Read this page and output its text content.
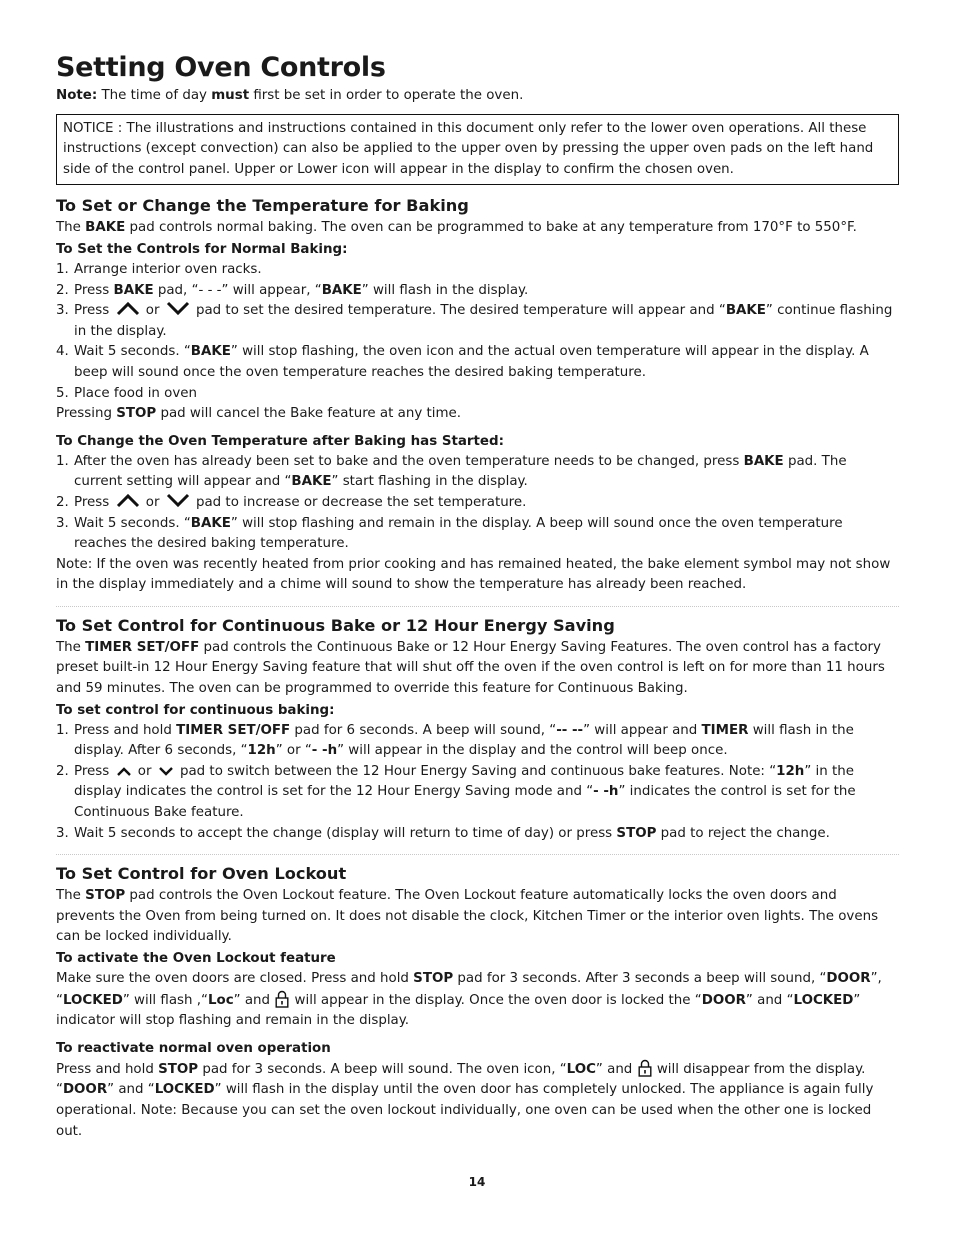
Setting Oven Controls

Note: The time of day must first be set in order to operate the oven.

NOTICE : The illustrations and instructions contained in this document only refer to the lower oven operations. All these instructions (except convection) can also be applied to the upper oven by pressing the upper oven pads on the left hand side of the control panel. Upper or Lower icon will appear in the display to confirm the chosen oven.
To Set or Change the Temperature for Baking

The BAKE pad controls normal baking. The oven can be programmed to bake at any temperature from 170°F to 550°F.

To Set the Controls for Normal Baking:
1. Arrange interior oven racks.
2. Press BAKE pad, “- - -” will appear, “BAKE” will flash in the display.
3. Press  or  pad to set the desired temperature. The desired temperature will appear and “BAKE” continue flashing in the display.
4. Wait 5 seconds. “BAKE” will stop flashing, the oven icon and the actual oven temperature will appear in the display. A beep will sound once the oven temperature reaches the desired baking temperature.
5. Place food in oven

Pressing STOP pad will cancel the Bake feature at any time.

To Change the Oven Temperature after Baking has Started:
1. After the oven has already been set to bake and the oven temperature needs to be changed, press BAKE pad. The current setting will appear and “BAKE” start flashing in the display.
2. Press  or  pad to increase or decrease the set temperature.
3. Wait 5 seconds. “BAKE” will stop flashing and remain in the display. A beep will sound once the oven temperature reaches the desired baking temperature.

Note: If the oven was recently heated from prior cooking and has remained heated, the bake element symbol may not show in the display immediately and a chime will sound to show the temperature has already been reached.

To Set Control for Continuous Bake or 12 Hour Energy Saving

The TIMER SET/OFF pad controls the Continuous Bake or 12 Hour Energy Saving Features. The oven control has a factory preset built-in 12 Hour Energy Saving feature that will shut off the oven if the oven control is left on for more than 11 hours and 59 minutes. The oven can be programmed to override this feature for Continuous Baking.

To set control for continuous baking:
1. Press and hold TIMER SET/OFF pad for 6 seconds. A beep will sound, “-- --” will appear and TIMER will flash in the display. After 6 seconds, “12h” or “- -h” will appear in the display and the control will beep once.
2. Press  or  pad to switch between the 12 Hour Energy Saving and continuous bake features. Note: “12h” in the display indicates the control is set for the 12 Hour Energy Saving mode and “- -h” indicates the control is set for the Continuous Bake feature.
3. Wait 5 seconds to accept the change (display will return to time of day) or press STOP pad to reject the change.
To Set Control for Oven Lockout

The STOP pad controls the Oven Lockout feature. The Oven Lockout feature automatically locks the oven doors and prevents the Oven from being turned on. It does not disable the clock, Kitchen Timer or the interior oven lights. The ovens can be locked individually.

To activate the Oven Lockout feature

Make sure the oven doors are closed. Press and hold STOP pad for 3 seconds. After 3 seconds a beep will sound, “DOOR”, “LOCKED” will flash ,“Loc” and  will appear in the display. Once the oven door is locked the “DOOR” and “LOCKED” indicator will stop flashing and remain in the display.

To reactivate normal oven operation

Press and hold STOP pad for 3 seconds. A beep will sound. The oven icon, “LOC” and  will disappear from the display. “DOOR” and “LOCKED” will flash in the display until the oven door has completely unlocked. The appliance is again fully operational. Note: Because you can set the oven lockout individually, one oven can be used when the other one is locked out.

14
